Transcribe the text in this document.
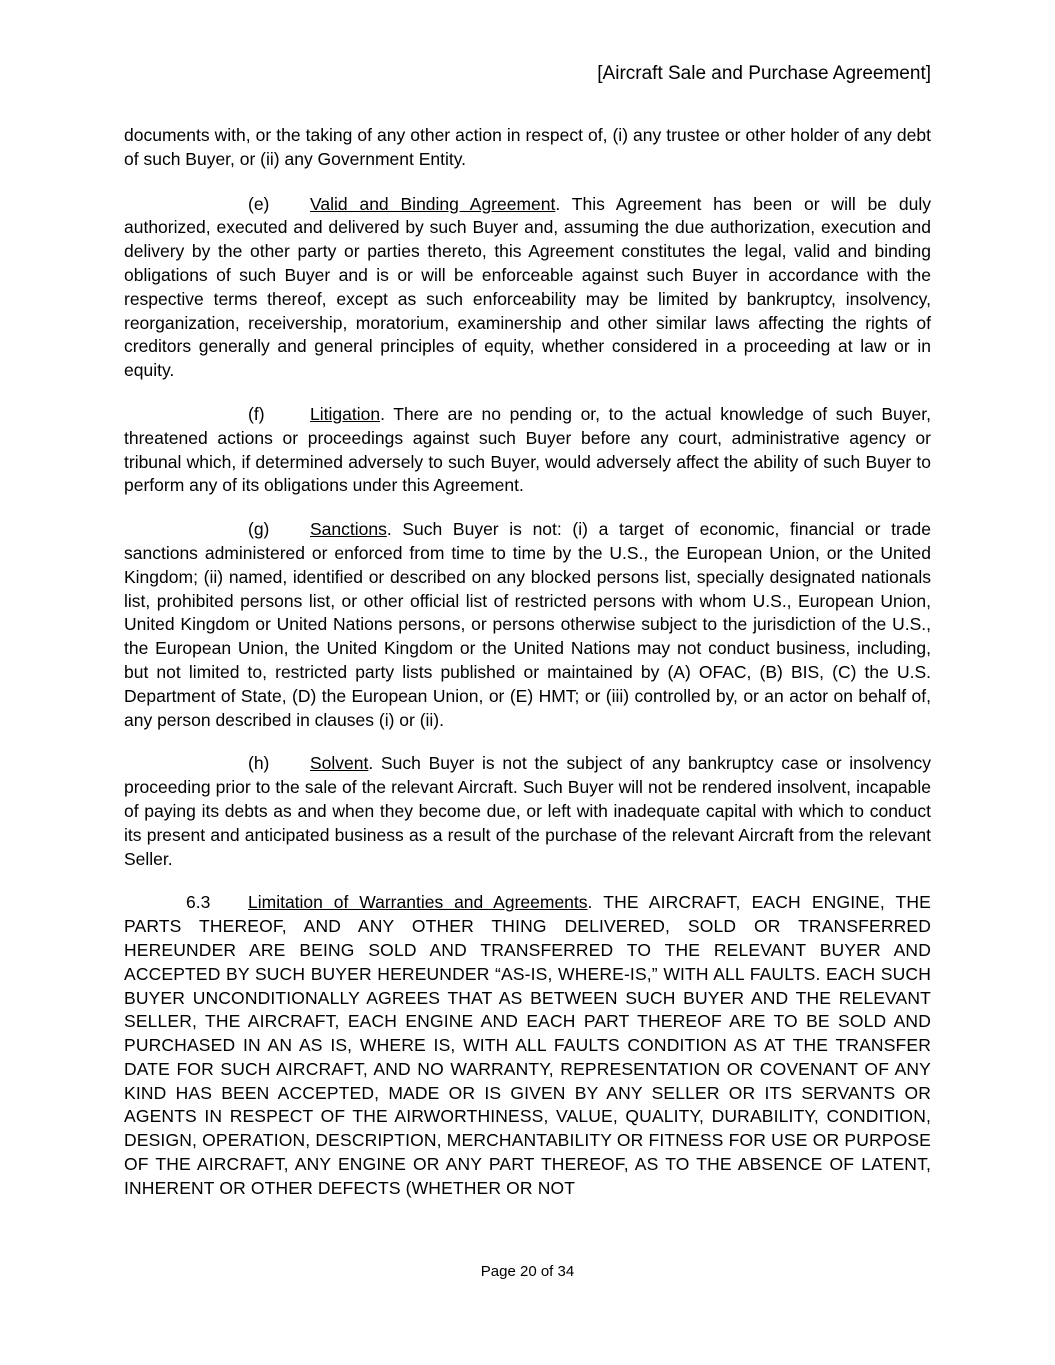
[Aircraft Sale and Purchase Agreement]

documents with, or the taking of any other action in respect of, (i) any trustee or other holder of any debt of such Buyer, or (ii) any Government Entity.

(e) Valid and Binding Agreement. This Agreement has been or will be duly authorized, executed and delivered by such Buyer and, assuming the due authorization, execution and delivery by the other party or parties thereto, this Agreement constitutes the legal, valid and binding obligations of such Buyer and is or will be enforceable against such Buyer in accordance with the respective terms thereof, except as such enforceability may be limited by bankruptcy, insolvency, reorganization, receivership, moratorium, examinership and other similar laws affecting the rights of creditors generally and general principles of equity, whether considered in a proceeding at law or in equity.

(f)	Litigation. There are no pending or, to the actual knowledge of such Buyer, threatened actions or proceedings against such Buyer before any court, administrative agency or tribunal which, if determined adversely to such Buyer, would adversely affect the ability of such Buyer to perform any of its obligations under this Agreement.

(g) Sanctions. Such Buyer is not: (i) a target of economic, financial or trade sanctions administered or enforced from time to time by the U.S., the European Union, or the United Kingdom; (ii) named, identified or described on any blocked persons list, specially designated nationals list, prohibited persons list, or other official list of restricted persons with whom U.S., European Union, United Kingdom or United Nations persons, or persons otherwise subject to the jurisdiction of the U.S., the European Union, the United Kingdom or the United Nations may not conduct business, including, but not limited to, restricted party lists published or maintained by (A) OFAC, (B) BIS, (C) the U.S. Department of State, (D) the European Union, or (E) HMT; or (iii) controlled by, or an actor on behalf of, any person described in clauses (i) or (ii).

(h) Solvent. Such Buyer is not the subject of any bankruptcy case or insolvency proceeding prior to the sale of the relevant Aircraft. Such Buyer will not be rendered insolvent, incapable of paying its debts as and when they become due, or left with inadequate capital with which to conduct its present and anticipated business as a result of the purchase of the relevant Aircraft from the relevant Seller.

6.3 Limitation of Warranties and Agreements. THE AIRCRAFT, EACH ENGINE, THE PARTS THEREOF, AND ANY OTHER THING DELIVERED, SOLD OR TRANSFERRED HEREUNDER ARE BEING SOLD AND TRANSFERRED TO THE RELEVANT BUYER AND ACCEPTED BY SUCH BUYER HEREUNDER “AS-IS, WHERE-IS,” WITH ALL FAULTS. EACH SUCH BUYER UNCONDITIONALLY AGREES THAT AS BETWEEN SUCH BUYER AND THE RELEVANT SELLER, THE AIRCRAFT, EACH ENGINE AND EACH PART THEREOF ARE TO BE SOLD AND PURCHASED IN AN AS IS, WHERE IS, WITH ALL FAULTS CONDITION AS AT THE TRANSFER DATE FOR SUCH AIRCRAFT, AND NO WARRANTY, REPRESENTATION OR COVENANT OF ANY KIND HAS BEEN ACCEPTED, MADE OR IS GIVEN BY ANY SELLER OR ITS SERVANTS OR AGENTS IN RESPECT OF THE AIRWORTHINESS, VALUE, QUALITY, DURABILITY, CONDITION, DESIGN, OPERATION, DESCRIPTION, MERCHANTABILITY OR FITNESS FOR USE OR PURPOSE OF THE AIRCRAFT, ANY ENGINE OR ANY PART THEREOF, AS TO THE ABSENCE OF LATENT, INHERENT OR OTHER DEFECTS (WHETHER OR NOT

Page 20 of 34
